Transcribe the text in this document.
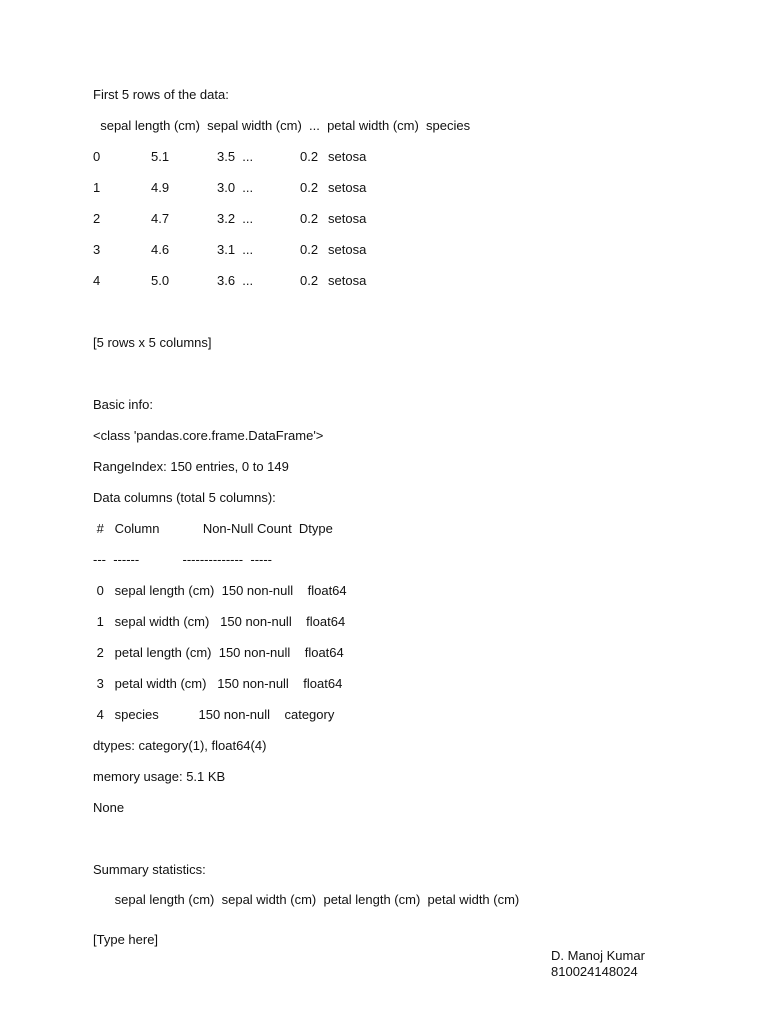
First 5 rows of the data:
sepal length (cm)  sepal width (cm)  ...  petal width (cm)  species
0	5.1	3.5  ...	0.2 setosa
1	4.9	3.0  ...	0.2 setosa
2	4.7	3.2  ...	0.2 setosa
3	4.6	3.1  ...	0.2 setosa
4	5.0	3.6  ...	0.2 setosa
[5 rows x 5 columns]
Basic info:
<class 'pandas.core.frame.DataFrame'>
RangeIndex: 150 entries, 0 to 149
Data columns (total 5 columns):
#   Column            Non-Null Count  Dtype
---  ------            --------------  -----
0   sepal length (cm)  150 non-null    float64
1   sepal width (cm)   150 non-null    float64
2   petal length (cm)  150 non-null    float64
3   petal width (cm)   150 non-null    float64
4   species           150 non-null    category
dtypes: category(1), float64(4)
memory usage: 5.1 KB
None
Summary statistics:
sepal length (cm)  sepal width (cm)  petal length (cm)  petal width (cm)
[Type here]
D. Manoj Kumar
810024148024
